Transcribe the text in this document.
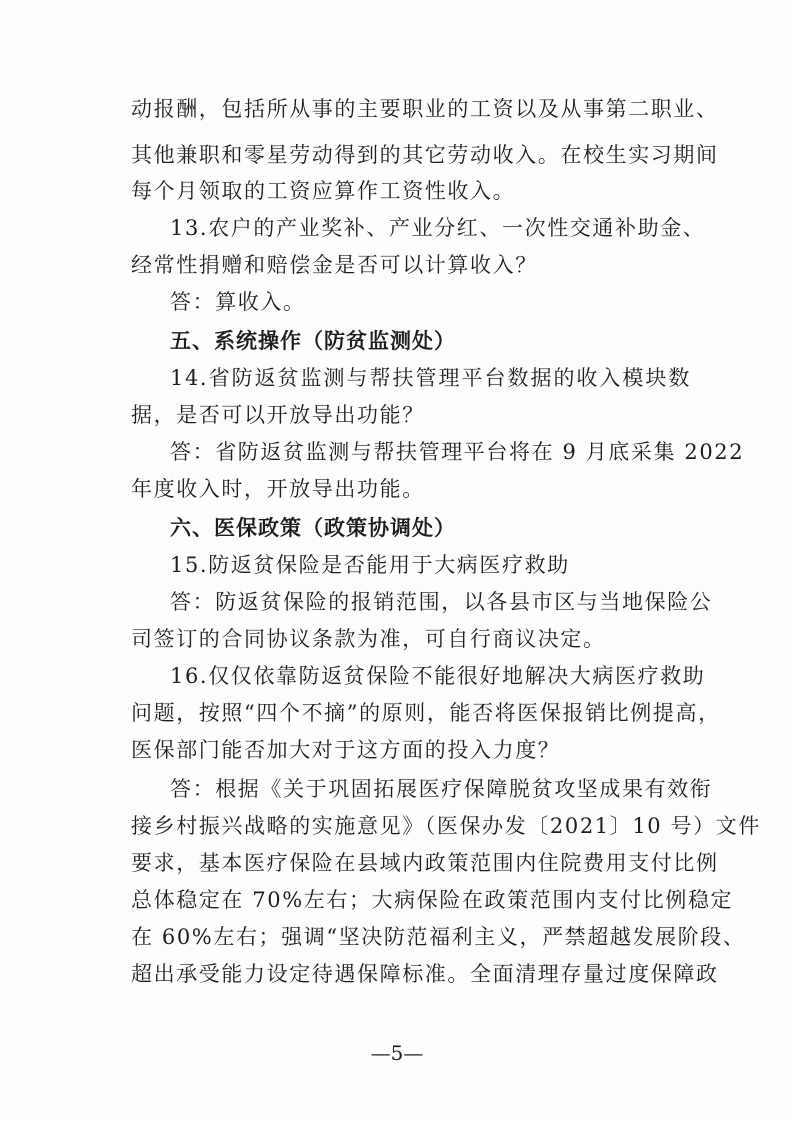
动报酬，包括所从事的主要职业的工资以及从事第二职业、
其他兼职和零星劳动得到的其它劳动收入。在校生实习期间
每个月领取的工资应算作工资性收入。
13.农户的产业奖补、产业分红、一次性交通补助金、
经常性捐赠和赔偿金是否可以计算收入？
答：算收入。
五、系统操作（防贫监测处）
14.省防返贫监测与帮扶管理平台数据的收入模块数
据，是否可以开放导出功能？
答：省防返贫监测与帮扶管理平台将在 9 月底采集 2022
年度收入时，开放导出功能。
六、医保政策（政策协调处）
15.防返贫保险是否能用于大病医疗救助
答：防返贫保险的报销范围，以各县市区与当地保险公
司签订的合同协议条款为准，可自行商议决定。
16.仅仅依靠防返贫保险不能很好地解决大病医疗救助
问题，按照“四个不摘”的原则，能否将医保报销比例提高，
医保部门能否加大对于这方面的投入力度？
答：根据《关于巩固拓展医疗保障脱贫攻坚成果有效衔
接乡村振兴战略的实施意见》（医保办发〔2021〕10 号）文件
要求，基本医疗保险在县域内政策范围内住院费用支付比例
总体稳定在 70%左右；大病保险在政策范围内支付比例稳定
在 60%左右；强调“坚决防范福利主义，严禁超越发展阶段、
超出承受能力设定待遇保障标准。全面清理存量过度保障政
—5—
